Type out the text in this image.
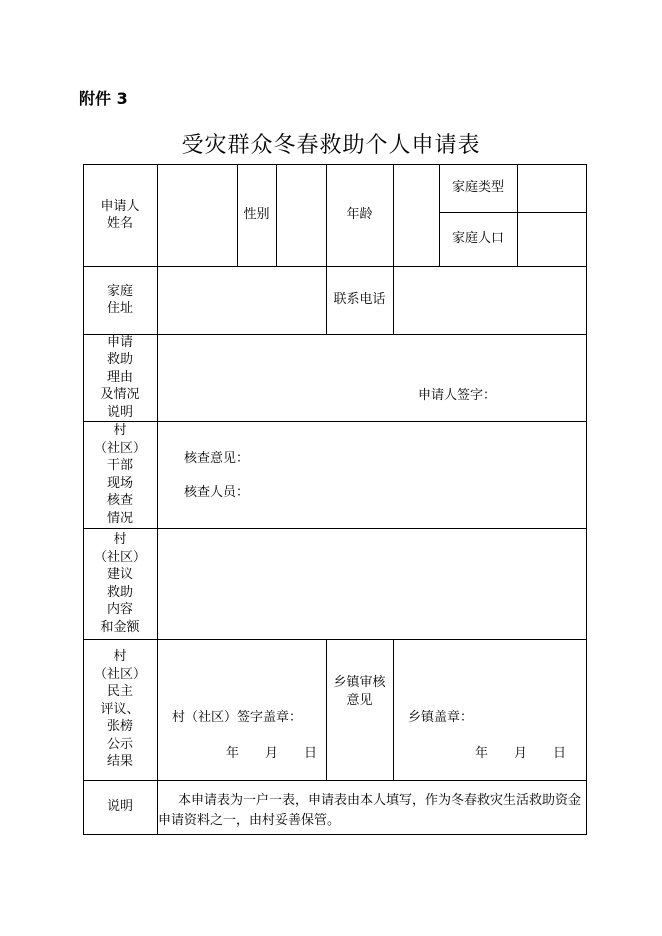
附件 3
受灾群众冬春救助个人申请表
申请人
姓名
性别	年龄
家庭类型
家庭人口
家庭
住址
联系电话
申请
救助
理由
及情况
说明
申请人签字：
村
（社区）
干部
现场
核查
情况
核查意见：
核查人员：
村
（社区）
建议
救助
内容
和金额
村
（社区）
民主
评议、
张榜
公示
结果
村（社区）签字盖章：
年　　月　　日
乡镇审核
意见
乡镇盖章：
年　　月　　日
说明	本申请表为一户一表，申请表由本人填写，作为冬春救灾生活救助资金申请资料之一，由村妥善保管。
